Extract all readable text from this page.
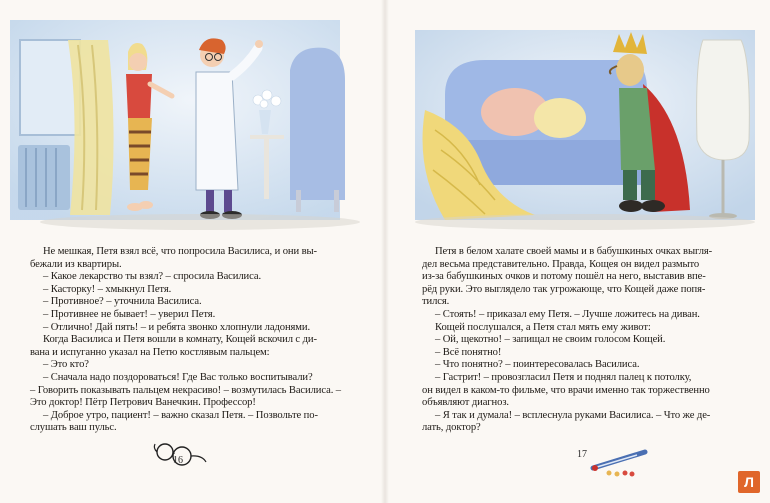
Не мешкая, Петя взял всё, что попросила Василиса, и они вы-

бежали из квартиры.

– Какое лекарство ты взял? – спросила Василиса.

– Касторку! – хмыкнул Петя.

– Противное? – уточнила Василиса.

– Противнее не бывает! – уверил Петя.

– Отлично! Дай пять! – и ребята звонко хлопнули ладонями.

Когда Василиса и Петя вошли в комнату, Кощей вскочил с ди-

вана и испуганно указал на Петю костлявым пальцем:

– Это кто?

– Сначала надо поздороваться! Где Вас только воспитывали?

– Говорить показывать пальцем некрасиво! – возмутилась Василиса. –

Это доктор! Пётр Петрович Ванечкин. Профессор!

– Доброе утро, пациент! – важно сказал Петя. – Позвольте по-

слушать ваш пульс.

16

Петя в белом халате своей мамы и в бабушкиных очках выгля-

дел весьма представительно. Правда, Кощея он видел размыто

из-за бабушкиных очков и потому пошёл на него, выставив впе-

рёд руки. Это выглядело так угрожающе, что Кощей даже попя-

тился.

– Стоять! – приказал ему Петя. – Лучше ложитесь на диван.

Кощей послушался, а Петя стал мять ему живот:

– Ой, щекотно! – запищал не своим голосом Кощей.

– Всё понятно!

– Что понятно? – поинтересовалась Василиса.

– Гастрит! – провозгласил Петя и поднял палец к потолку,

он видел в каком-то фильме, что врачи именно так торжественно

объявляют диагноз.

– Я так и думала! – всплеснула руками Василиса. – Что же де-

лать, доктор?

17
Л
